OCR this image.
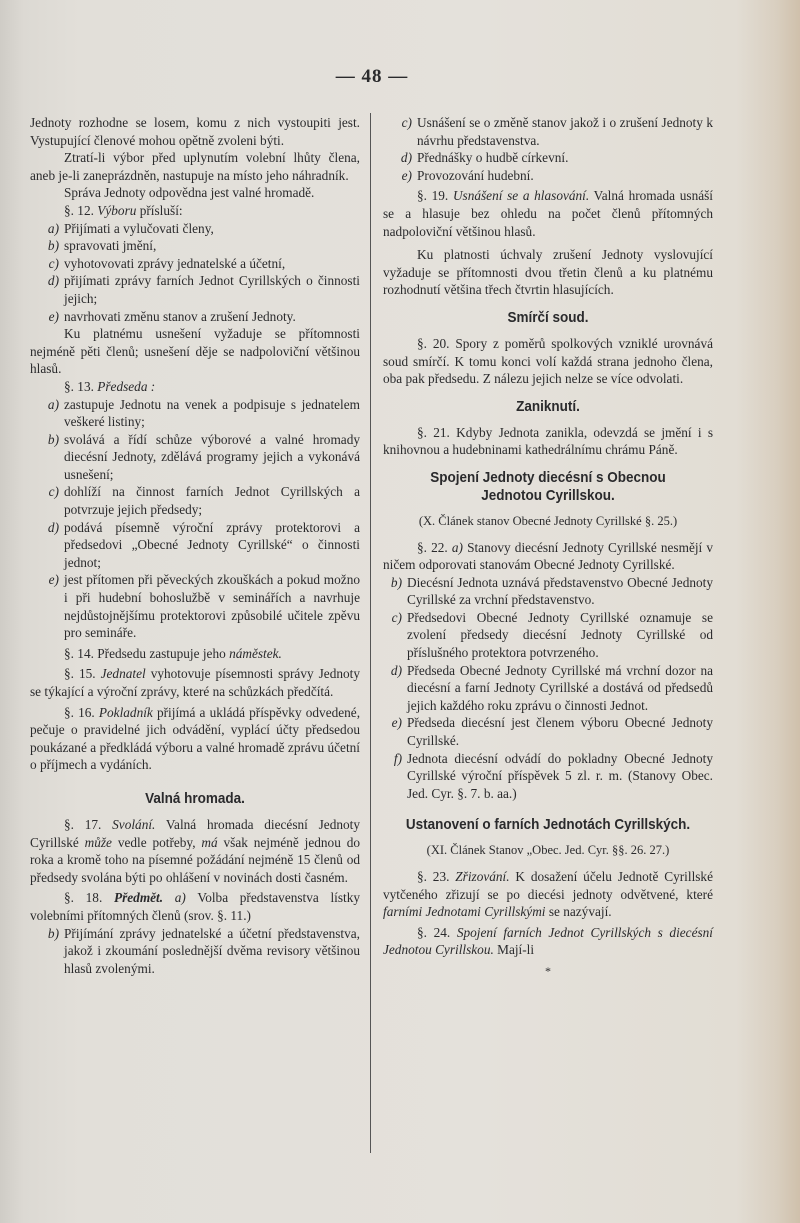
— 48 —

Jednoty rozhodne se losem, komu z nich vystoupiti jest. Vystupující členové mohou opětně zvoleni býti.

Ztratí-li výbor před uplynutím volební lhůty člena, aneb je-li zaneprázdněn, nastupuje na místo jeho náhradník.

Správa Jednoty odpovědna jest valné hromadě.

§. 12. Výboru přísluší:

a) Přijímati a vylučovati členy,
b) spravovati jmění,
c) vyhotovovati zprávy jednatelské a účetní,
d) přijímati zprávy farních Jednot Cyrillských o činnosti jejich;
e) navrhovati změnu stanov a zrušení Jednoty.

Ku platnému usnešení vyžaduje se přítomnosti nejméně pěti členů; usnešení děje se nadpoloviční většinou hlasů.

§. 13. Předseda :

a) zastupuje Jednotu na venek a podpisuje s jednatelem veškeré listiny;
b) svolává a řídí schůze výborové a valné hromady diecésní Jednoty, zdělává programy jejich a vykonává usnešení;
c) dohlíží na činnost farních Jednot Cyrillských a potvrzuje jejich předsedy;
d) podává písemně výroční zprávy protektorovi a předsedovi „Obecné Jednoty Cyrillské“ o činnosti jednot;
e) jest přítomen při pěveckých zkouškách a pokud možno i při hudební bohoslužbě v seminářích a navrhuje nejdůstojnějšímu protektorovi způsobilé učitele zpěvu pro semináře.

§. 14. Předsedu zastupuje jeho náměstek.

§. 15. Jednatel vyhotovuje písemnosti správy Jednoty se týkající a výroční zprávy, které na schůzkách předčítá.

§. 16. Pokladník přijímá a ukládá příspěvky odvedené, pečuje o pravidelné jich odvádění, vyplácí účty předsedou poukázané a předkládá výboru a valné hromadě zprávu účetní o příjmech a vydáních.

Valná hromada.

§. 17. Svolání. Valná hromada diecésní Jednoty Cyrillské může vedle potřeby, má však nejméně jednou do roka a kromě toho na písemné požádání nejméně 15 členů od předsedy svolána býti po ohlášení v novinách dosti časném.

§. 18. Předmět. a) Volba představenstva lístky volebními přítomných členů (srov. §. 11.)

b) Přijímání zprávy jednatelské a účetní představenstva, jakož i zkoumání poslednější dvěma revisory většinou hlasů zvolenými.
c) Usnášení se o změně stanov jakož i o zrušení Jednoty k návrhu představenstva.
d) Přednášky o hudbě církevní.
e) Provozování hudební.

§. 19. Usnášení se a hlasování. Valná hromada usnáší se a hlasuje bez ohledu na počet členů přítomných nadpoloviční většinou hlasů.

Ku platnosti úchvaly zrušení Jednoty vyslovující vyžaduje se přítomnosti dvou třetin členů a ku platnému rozhodnutí většina třech čtvrtin hlasujících.

Smírčí soud.

§. 20. Spory z poměrů spolkových vzniklé urovnává soud smírčí. K tomu konci volí každá strana jednoho člena, oba pak předsedu. Z nálezu jejich nelze se více odvolati.

Zaniknutí.

§. 21. Kdyby Jednota zanikla, odevzdá se jmění i s knihovnou a hudebninami kathedrálnímu chrámu Páně.

Spojení Jednoty diecésní s Obecnou Jednotou Cyrillskou.
(X. Článek stanov Obecné Jednoty Cyrillské §. 25.)

§. 22. a) Stanovy diecésní Jednoty Cyrillské nesmějí v ničem odporovati stanovám Obecné Jednoty Cyrillské.

b) Diecésní Jednota uznává představenstvo Obecné Jednoty Cyrillské za vrchní představenstvo.
c) Předsedovi Obecné Jednoty Cyrillské oznamuje se zvolení předsedy diecésní Jednoty Cyrillské od příslušného protektora potvrzeného.
d) Předseda Obecné Jednoty Cyrillské má vrchní dozor na diecésní a farní Jednoty Cyrillské a dostává od předsedů jejich každého roku zprávu o činnosti Jednot.
e) Předseda diecésní jest členem výboru Obecné Jednoty Cyrillské.
f) Jednota diecésní odvádí do pokladny Obecné Jednoty Cyrillské výroční příspěvek 5 zl. r. m. (Stanovy Obec. Jed. Cyr. §. 7. b. aa.)
Ustanovení o farních Jednotách Cyrillských.
(XI. Článek Stanov „Obec. Jed. Cyr. §§. 26. 27.)

§. 23. Zřizování. K dosažení účelu Jednotě Cyrillské vytčeného zřizují se po diecési jednoty odvětvené, které farními Jednotami Cyrillskými se nazývají.

§. 24. Spojení farních Jednot Cyrillských s diecésní Jednotou Cyrillskou. Mají-li

*
